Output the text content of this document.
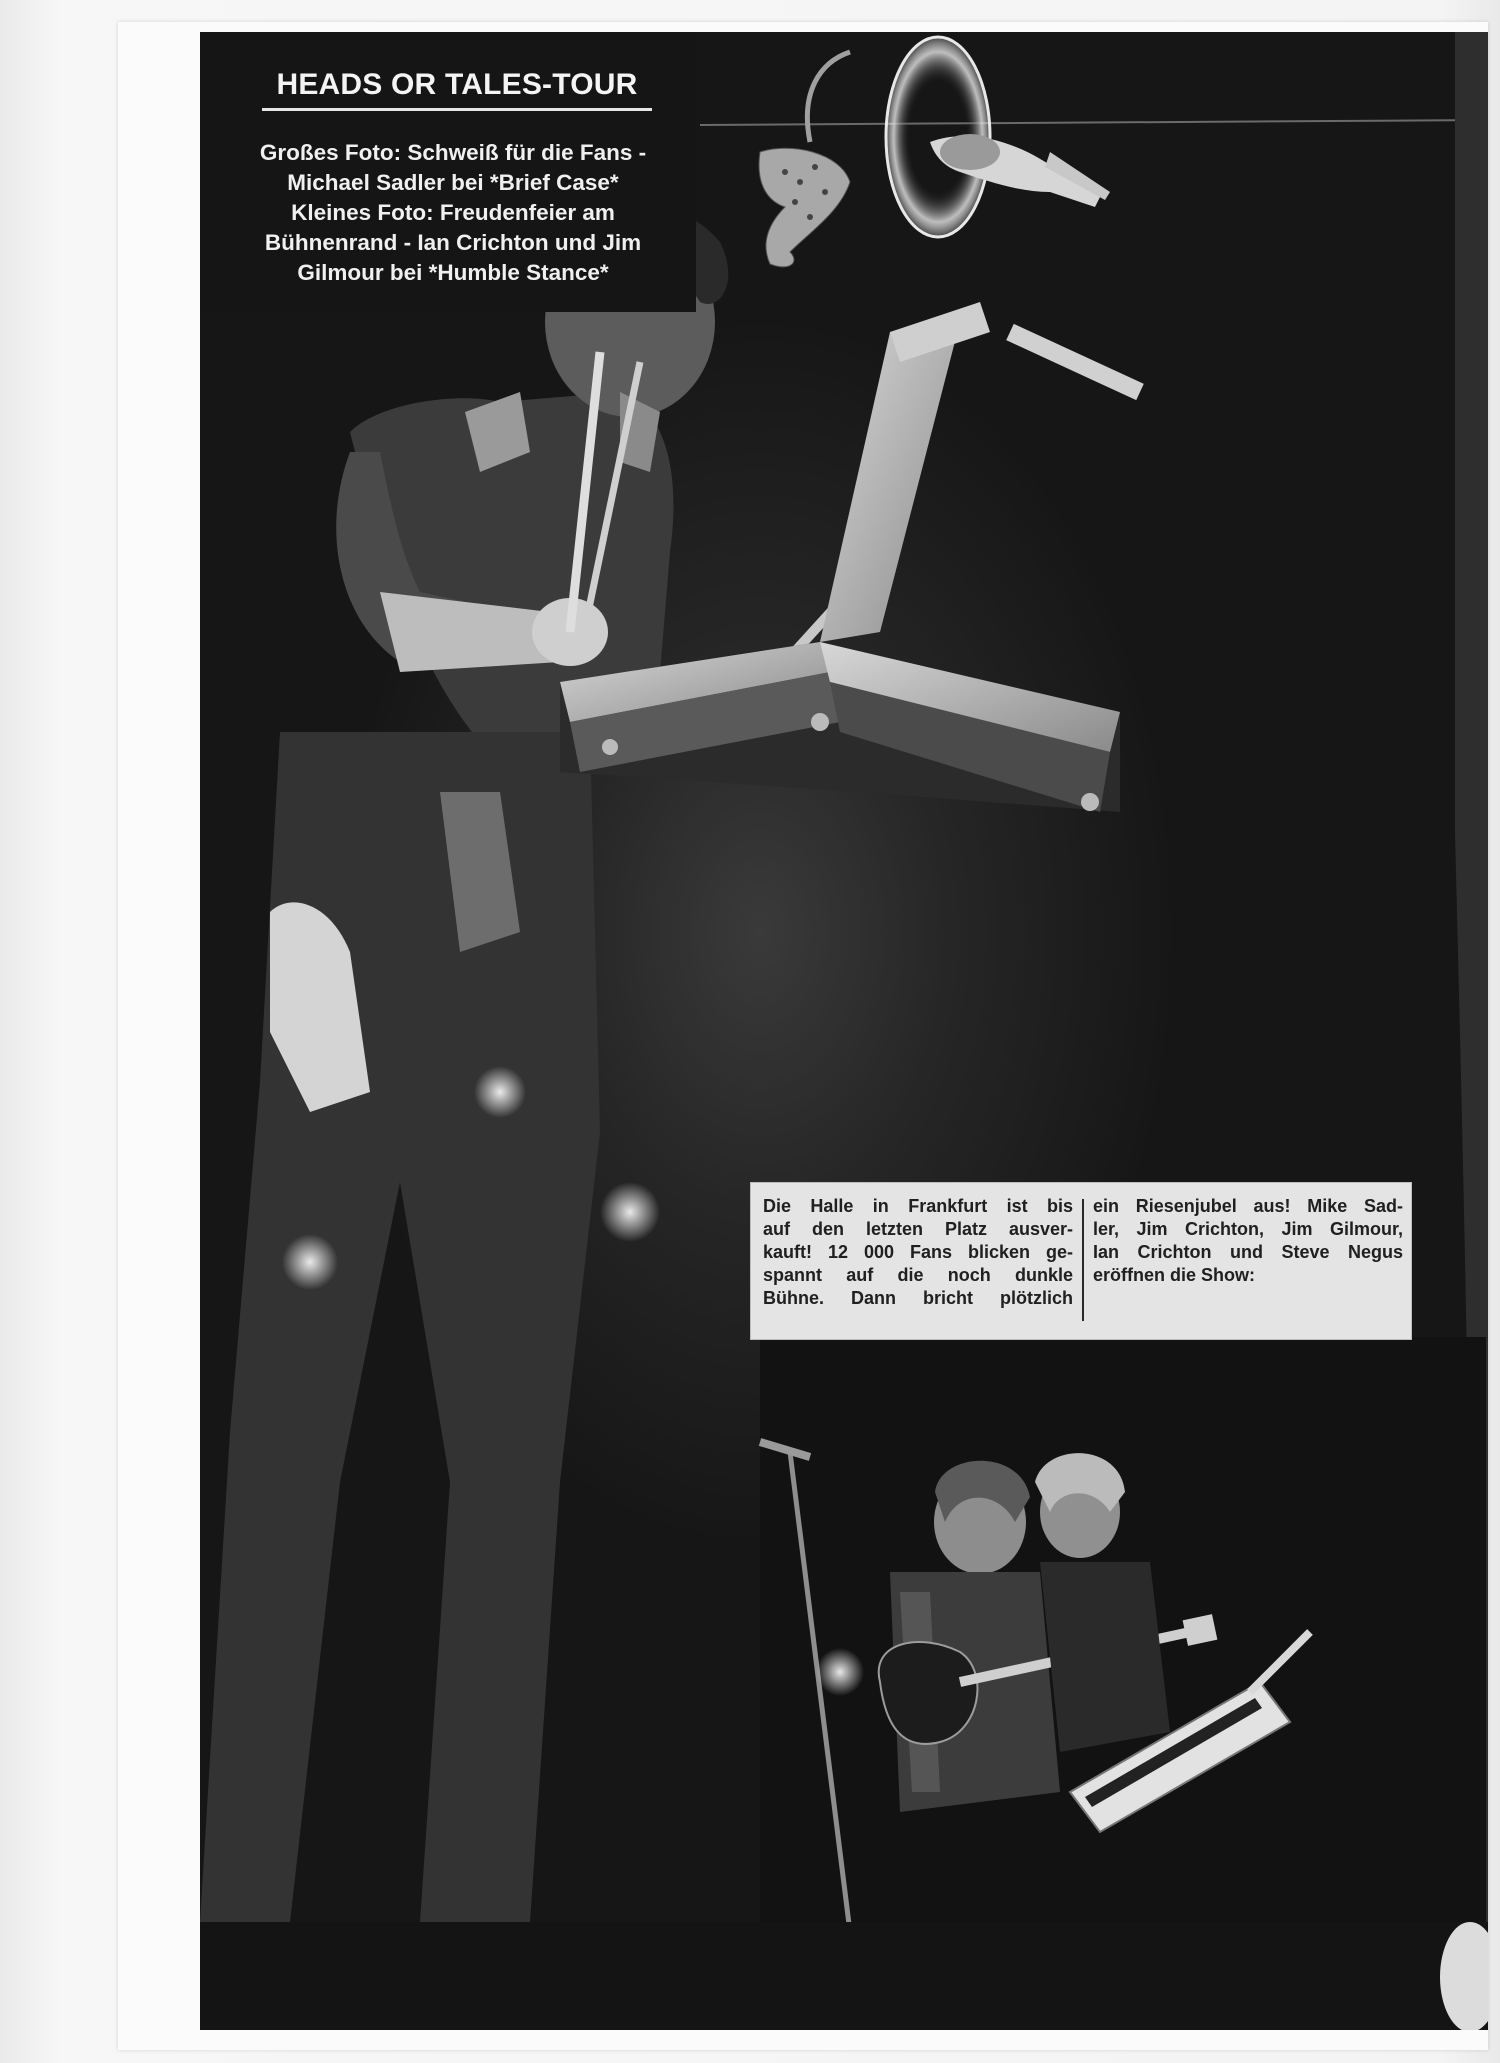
HEADS OR TALES-TOUR
Großes Foto: Schweiß für die Fans -
Michael Sadler bei *Brief Case*
Kleines Foto: Freudenfeier am
Bühnenrand - Ian Crichton und Jim
Gilmour bei *Humble Stance*
Die Halle in Frankfurt ist bis
auf den letzten Platz ausver-
kauft! 12 000 Fans blicken ge-
spannt auf die noch dunkle
Bühne. Dann bricht plötzlich
ein Riesenjubel aus! Mike Sad-
ler, Jim Crichton, Jim Gilmour,
Ian Crichton und Steve Negus
eröffnen die Show:
